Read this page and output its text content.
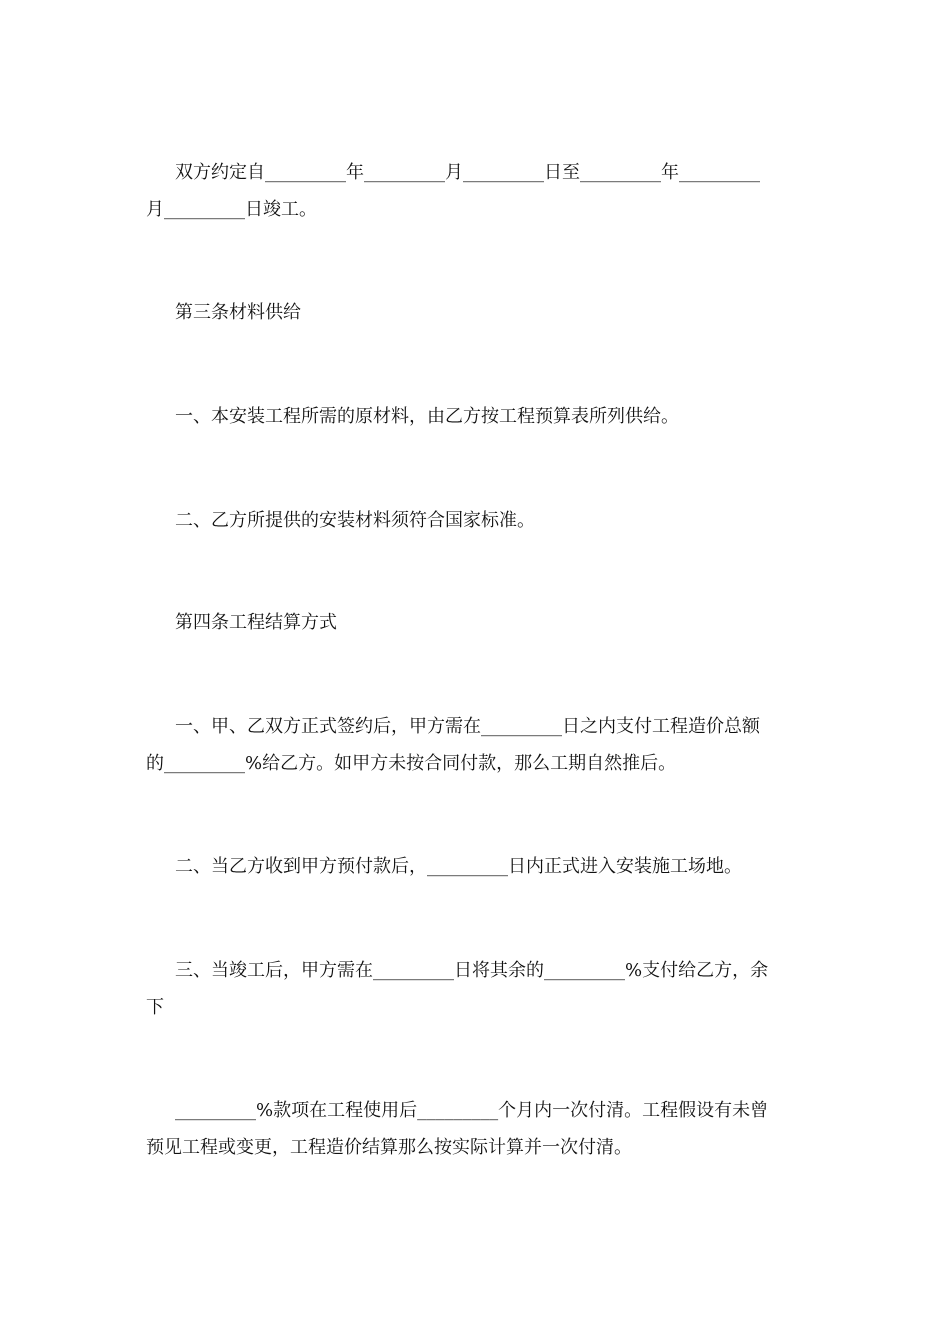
双方约定自_________年_________月_________日至_________年_________
月_________日竣工。

第三条材料供给

一、本安装工程所需的原材料，由乙方按工程预算表所列供给。

二、乙方所提供的安装材料须符合国家标准。

第四条工程结算方式

一、甲、乙双方正式签约后，甲方需在_________日之内支付工程造价总额
的_________%给乙方。如甲方未按合同付款，那么工期自然推后。

二、当乙方收到甲方预付款后，_________日内正式进入安装施工场地。

三、当竣工后，甲方需在_________日将其余的_________%支付给乙方，余
下

_________%款项在工程使用后_________个月内一次付清。工程假设有未曾
预见工程或变更，工程造价结算那么按实际计算并一次付清。
